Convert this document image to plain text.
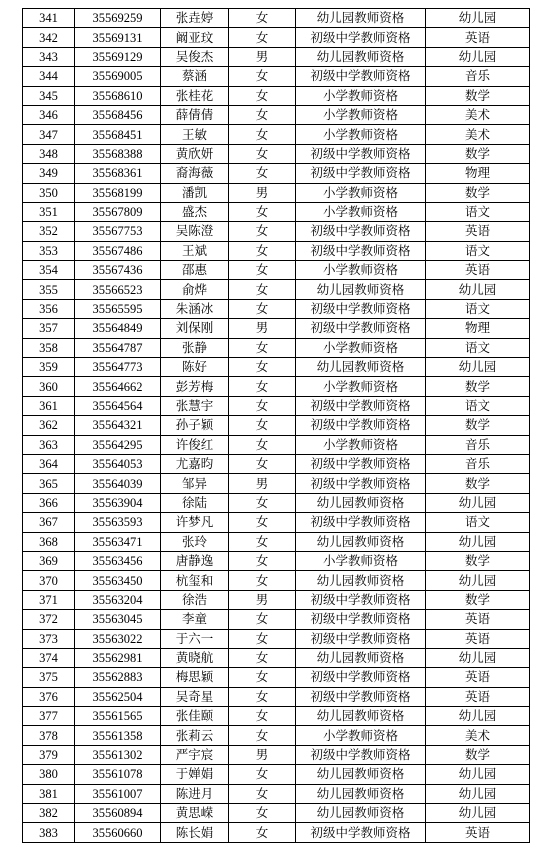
341	35569259	张垚婷	女	幼儿园教师资格	幼儿园
342	35569131	阚亚玟	女	初级中学教师资格	英语
343	35569129	吴俊杰	男	幼儿园教师资格	幼儿园
344	35569005	蔡涵	女	初级中学教师资格	音乐
345	35568610	张桂花	女	小学教师资格	数学
346	35568456	薛倩倩	女	小学教师资格	美术
347	35568451	王敏	女	小学教师资格	美术
348	35568388	黄欣妍	女	初级中学教师资格	数学
349	35568361	裔海薇	女	初级中学教师资格	物理
350	35568199	潘凯	男	小学教师资格	数学
351	35567809	盛杰	女	小学教师资格	语文
352	35567753	吴陈澄	女	初级中学教师资格	英语
353	35567486	王斌	女	初级中学教师资格	语文
354	35567436	邵惠	女	小学教师资格	英语
355	35566523	俞烨	女	幼儿园教师资格	幼儿园
356	35565595	朱涵冰	女	初级中学教师资格	语文
357	35564849	刘保刚	男	初级中学教师资格	物理
358	35564787	张静	女	小学教师资格	语文
359	35564773	陈好	女	幼儿园教师资格	幼儿园
360	35564662	彭芳梅	女	小学教师资格	数学
361	35564564	张慧宇	女	初级中学教师资格	语文
362	35564321	孙子颖	女	初级中学教师资格	数学
363	35564295	许俊红	女	小学教师资格	音乐
364	35564053	尤嘉昀	女	初级中学教师资格	音乐
365	35564039	邹异	男	初级中学教师资格	数学
366	35563904	徐陆	女	幼儿园教师资格	幼儿园
367	35563593	许梦凡	女	初级中学教师资格	语文
368	35563471	张玲	女	幼儿园教师资格	幼儿园
369	35563456	唐静逸	女	小学教师资格	数学
370	35563450	杭玺和	女	幼儿园教师资格	幼儿园
371	35563204	徐浩	男	初级中学教师资格	数学
372	35563045	李童	女	初级中学教师资格	英语
373	35563022	于六一	女	初级中学教师资格	英语
374	35562981	黄晓航	女	幼儿园教师资格	幼儿园
375	35562883	梅思颖	女	初级中学教师资格	英语
376	35562504	吴奇星	女	初级中学教师资格	英语
377	35561565	张佳颐	女	幼儿园教师资格	幼儿园
378	35561358	张莉云	女	小学教师资格	美术
379	35561302	严宇宸	男	初级中学教师资格	数学
380	35561078	于婵娟	女	幼儿园教师资格	幼儿园
381	35561007	陈进月	女	幼儿园教师资格	幼儿园
382	35560894	黄思嵘	女	幼儿园教师资格	幼儿园
383	35560660	陈长娟	女	初级中学教师资格	英语
